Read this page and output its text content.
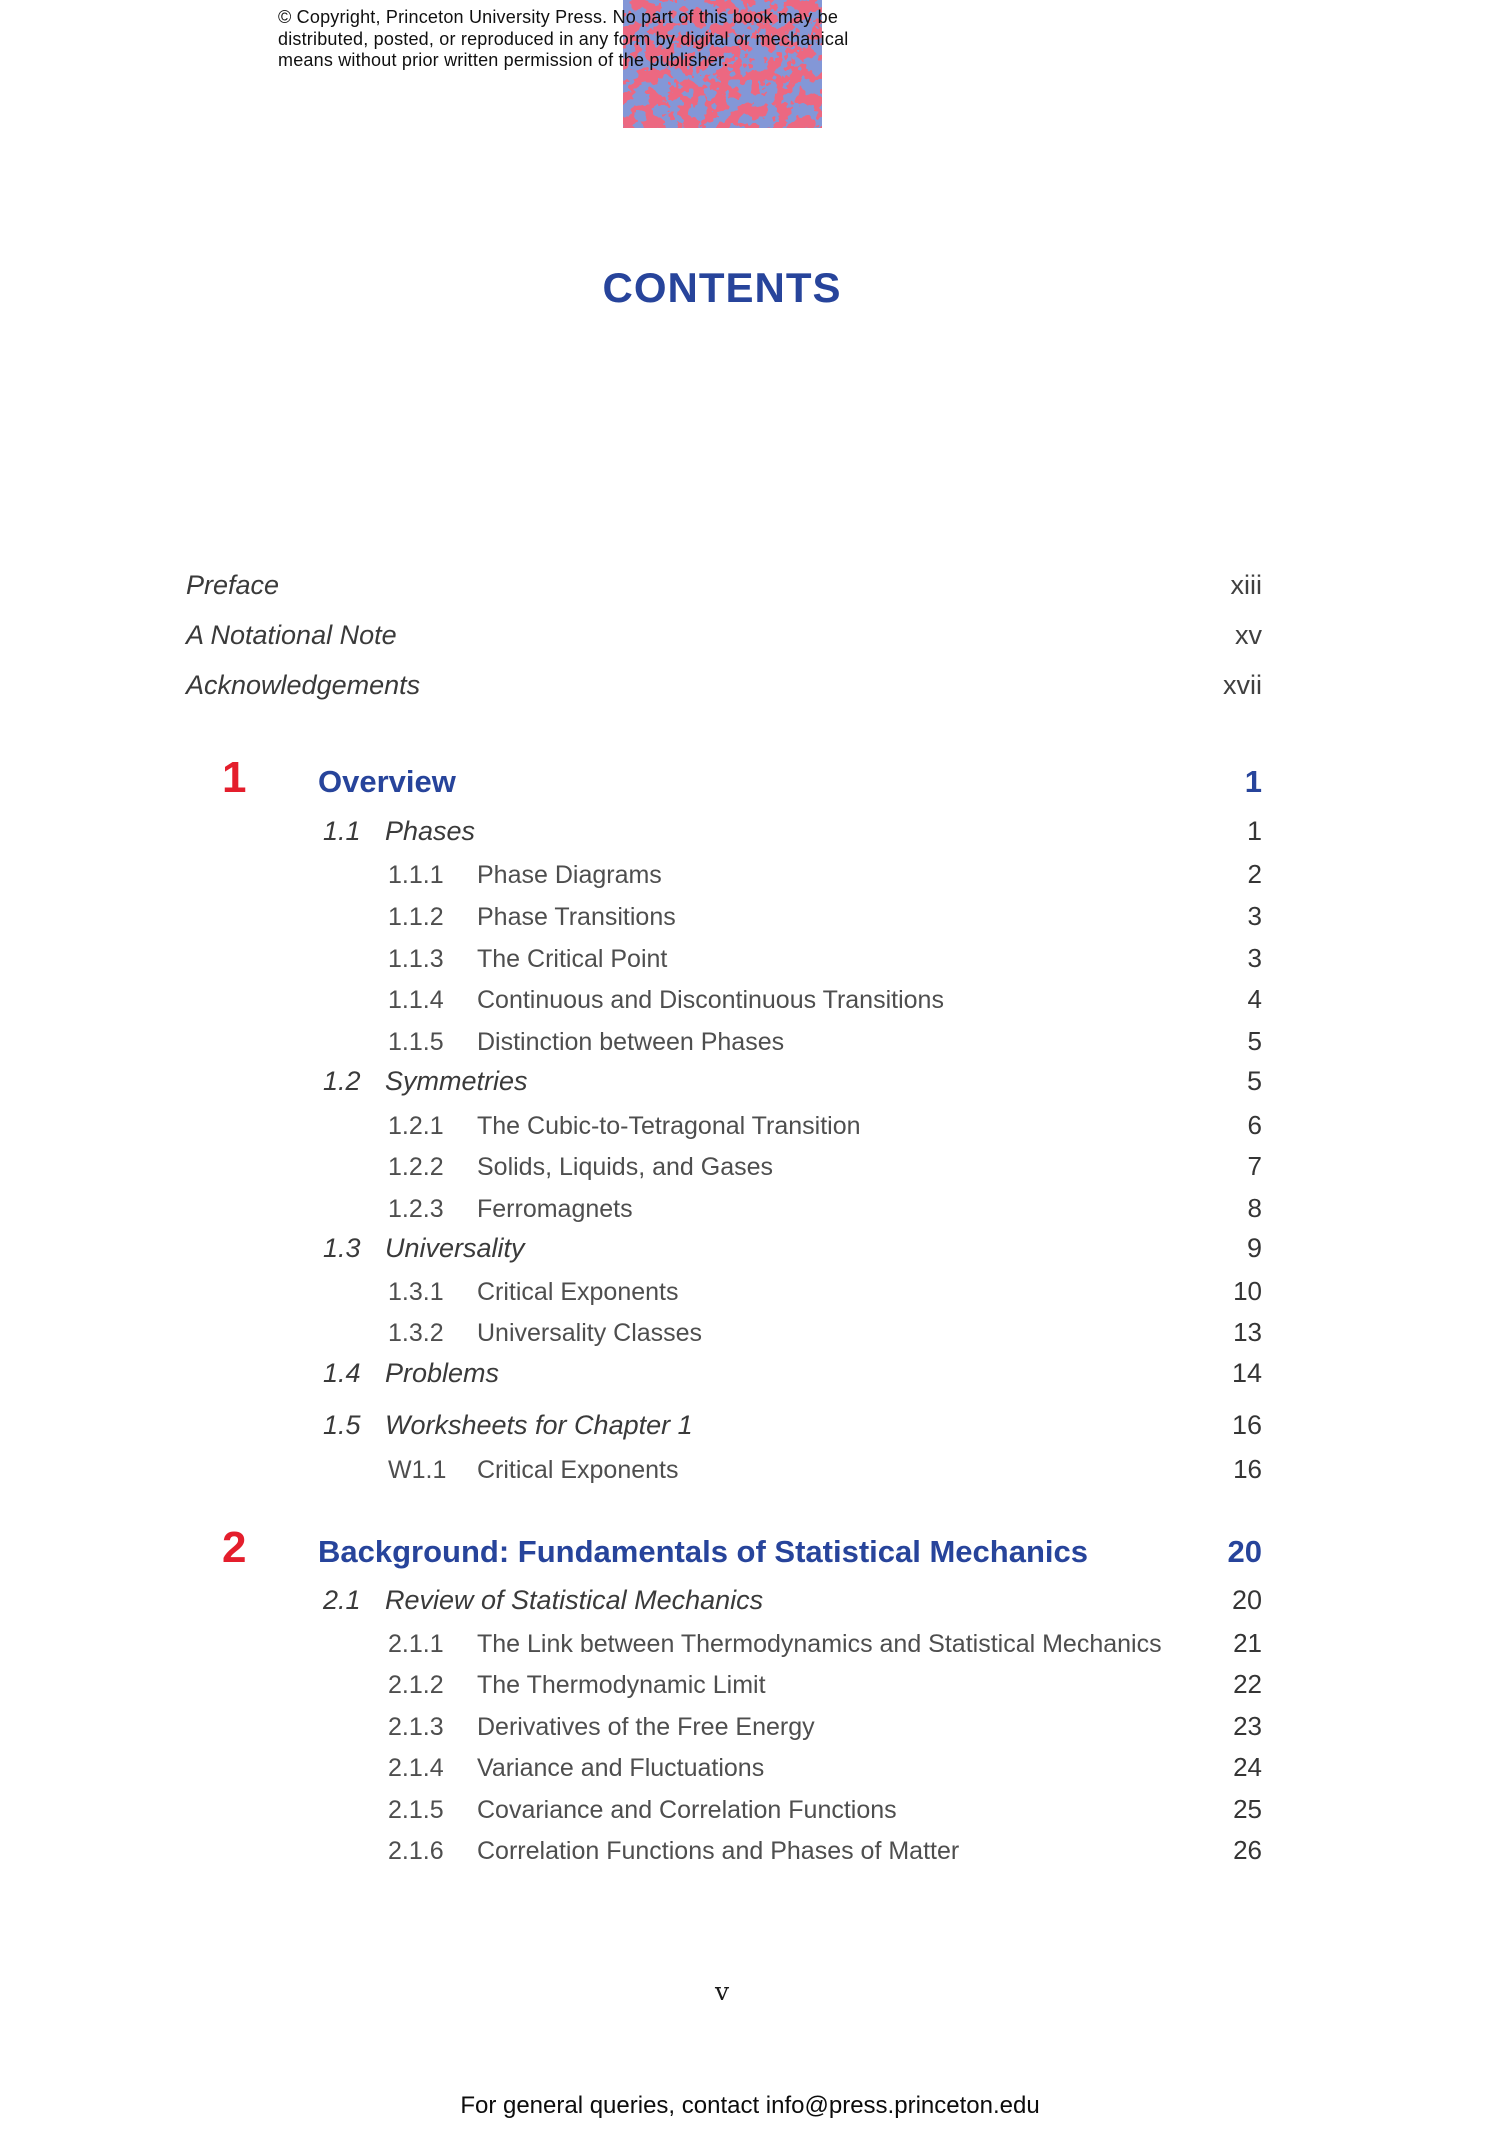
© Copyright, Princeton University Press. No part of this book may be
distributed, posted, or reproduced in any form by digital or mechanical
means without prior written permission of the publisher.
CONTENTS
Preface	xiii
A Notational Note	xv
Acknowledgements	xvii
1	Overview	1
1.1 Phases	1
1.1.1	Phase Diagrams	2
1.1.2	Phase Transitions	3
1.1.3	The Critical Point	3
1.1.4	Continuous and Discontinuous Transitions	4
1.1.5	Distinction between Phases	5
1.2 Symmetries	5
1.2.1	The Cubic-to-Tetragonal Transition	6
1.2.2	Solids, Liquids, and Gases	7
1.2.3	Ferromagnets	8
1.3 Universality	9
1.3.1	Critical Exponents	10
1.3.2	Universality Classes	13
1.4 Problems	14
1.5 Worksheets for Chapter 1	16
W1.1	Critical Exponents	16
2	Background: Fundamentals of Statistical Mechanics	20
2.1 Review of Statistical Mechanics	20
2.1.1	The Link between Thermodynamics and Statistical Mechanics	21
2.1.2	The Thermodynamic Limit	22
2.1.3	Derivatives of the Free Energy	23
2.1.4	Variance and Fluctuations	24
2.1.5	Covariance and Correlation Functions	25
2.1.6	Correlation Functions and Phases of Matter	26
v
For general queries, contact info@press.princeton.edu
